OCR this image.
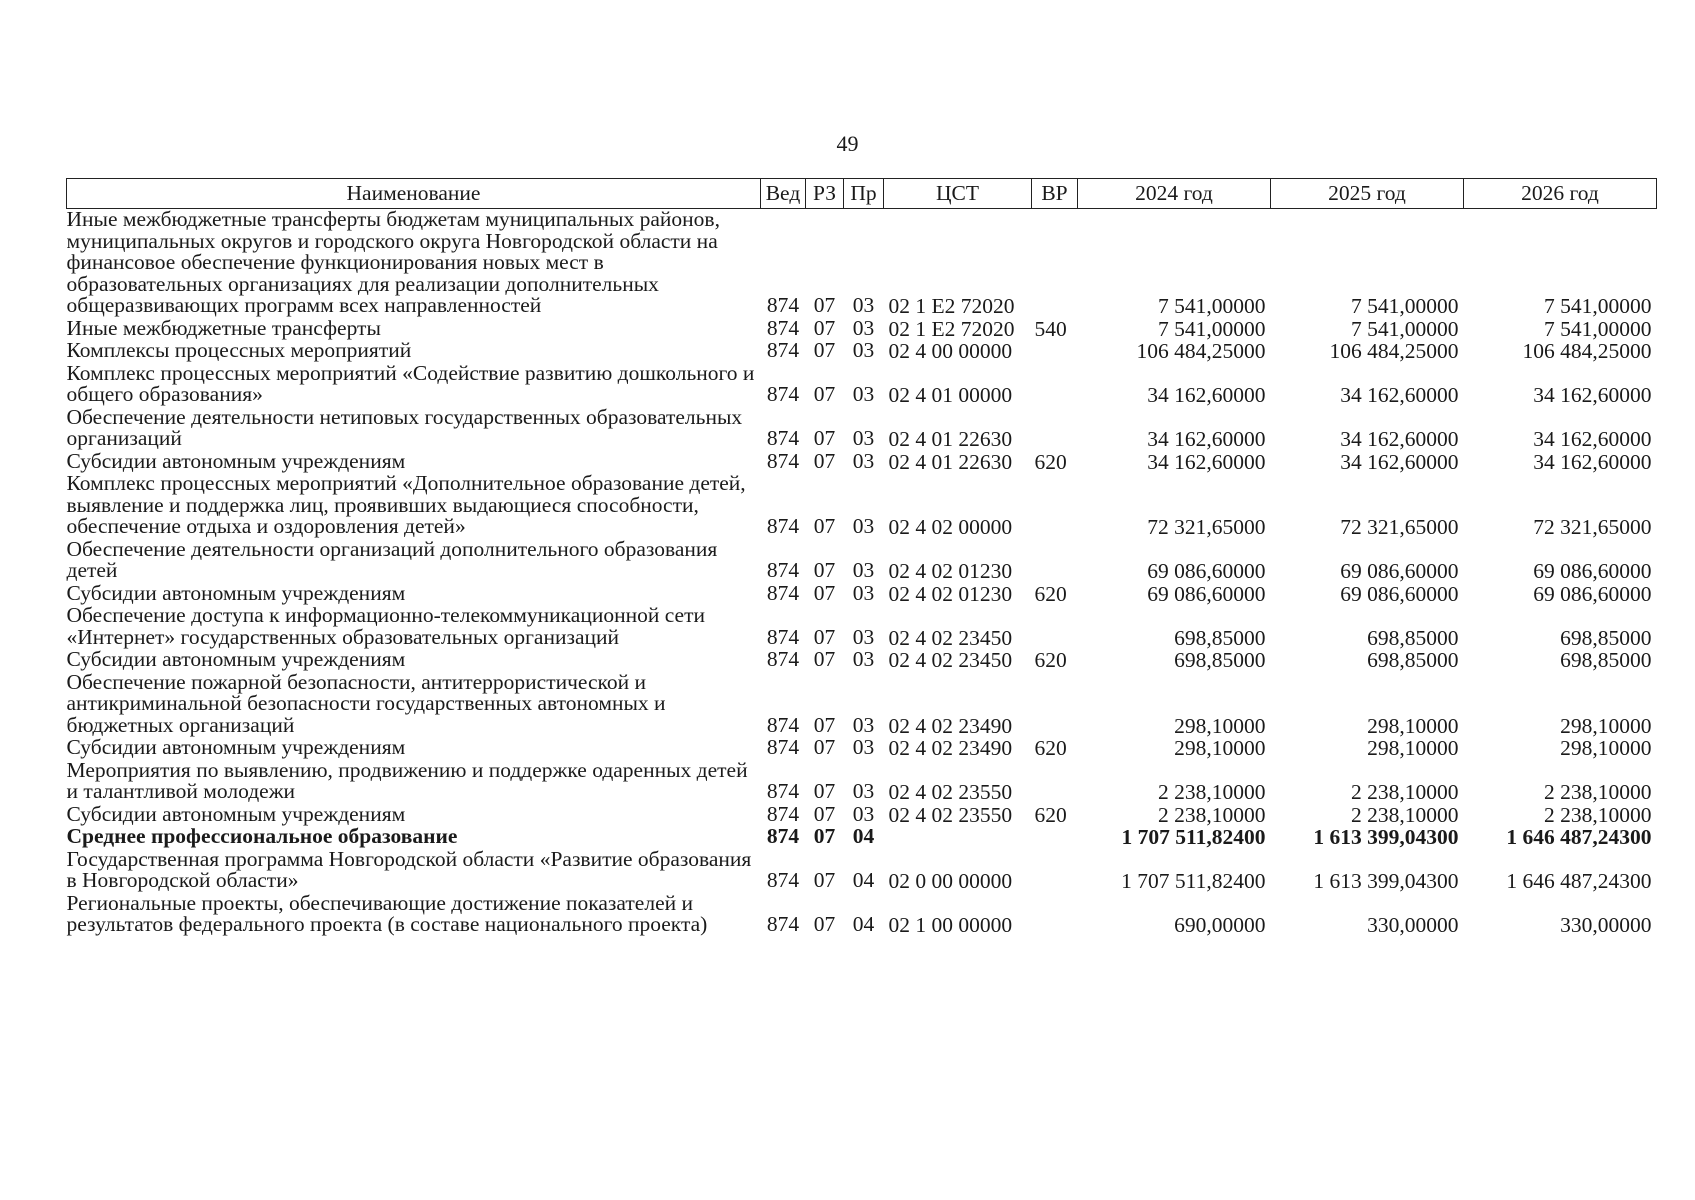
49
Наименование	Вед	РЗ	Пр	ЦСТ	ВР	2024 год	2025 год	2026 год
Иные межбюджетные трансферты бюджетам муниципальных районов, муниципальных округов и городского округа Новгородской области на финансовое обеспечение функционирования новых мест в образовательных организациях для реализации дополнительных общеразвивающих программ всех направленностей	874	07	03	02 1 E2 72020		7 541,00000	7 541,00000	7 541,00000
Иные межбюджетные трансферты	874	07	03	02 1 E2 72020	540	7 541,00000	7 541,00000	7 541,00000
Комплексы процессных мероприятий	874	07	03	02 4 00 00000		106 484,25000	106 484,25000	106 484,25000
Комплекс процессных мероприятий «Содействие развитию дошкольного и общего образования»	874	07	03	02 4 01 00000		34 162,60000	34 162,60000	34 162,60000
Обеспечение деятельности нетиповых государственных образовательных организаций	874	07	03	02 4 01 22630		34 162,60000	34 162,60000	34 162,60000
Субсидии автономным учреждениям	874	07	03	02 4 01 22630	620	34 162,60000	34 162,60000	34 162,60000
Комплекс процессных мероприятий «Дополнительное образование детей, выявление и поддержка лиц, проявивших выдающиеся способности, обеспечение отдыха и оздоровления детей»	874	07	03	02 4 02 00000		72 321,65000	72 321,65000	72 321,65000
Обеспечение деятельности организаций дополнительного образования детей	874	07	03	02 4 02 01230		69 086,60000	69 086,60000	69 086,60000
Субсидии автономным учреждениям	874	07	03	02 4 02 01230	620	69 086,60000	69 086,60000	69 086,60000
Обеспечение доступа к информационно-телекоммуникационной сети «Интернет» государственных образовательных организаций	874	07	03	02 4 02 23450		698,85000	698,85000	698,85000
Субсидии автономным учреждениям	874	07	03	02 4 02 23450	620	698,85000	698,85000	698,85000
Обеспечение пожарной безопасности, антитеррористической и антикриминальной безопасности государственных автономных и бюджетных организаций	874	07	03	02 4 02 23490		298,10000	298,10000	298,10000
Субсидии автономным учреждениям	874	07	03	02 4 02 23490	620	298,10000	298,10000	298,10000
Мероприятия по выявлению, продвижению и поддержке одаренных детей и талантливой молодежи	874	07	03	02 4 02 23550		2 238,10000	2 238,10000	2 238,10000
Субсидии автономным учреждениям	874	07	03	02 4 02 23550	620	2 238,10000	2 238,10000	2 238,10000
Среднее профессиональное образование	874	07	04			1 707 511,82400	1 613 399,04300	1 646 487,24300
Государственная программа Новгородской области «Развитие образования в Новгородской области»	874	07	04	02 0 00 00000		1 707 511,82400	1 613 399,04300	1 646 487,24300
Региональные проекты, обеспечивающие достижение показателей и результатов федерального проекта (в составе национального проекта)	874	07	04	02 1 00 00000		690,00000	330,00000	330,00000
